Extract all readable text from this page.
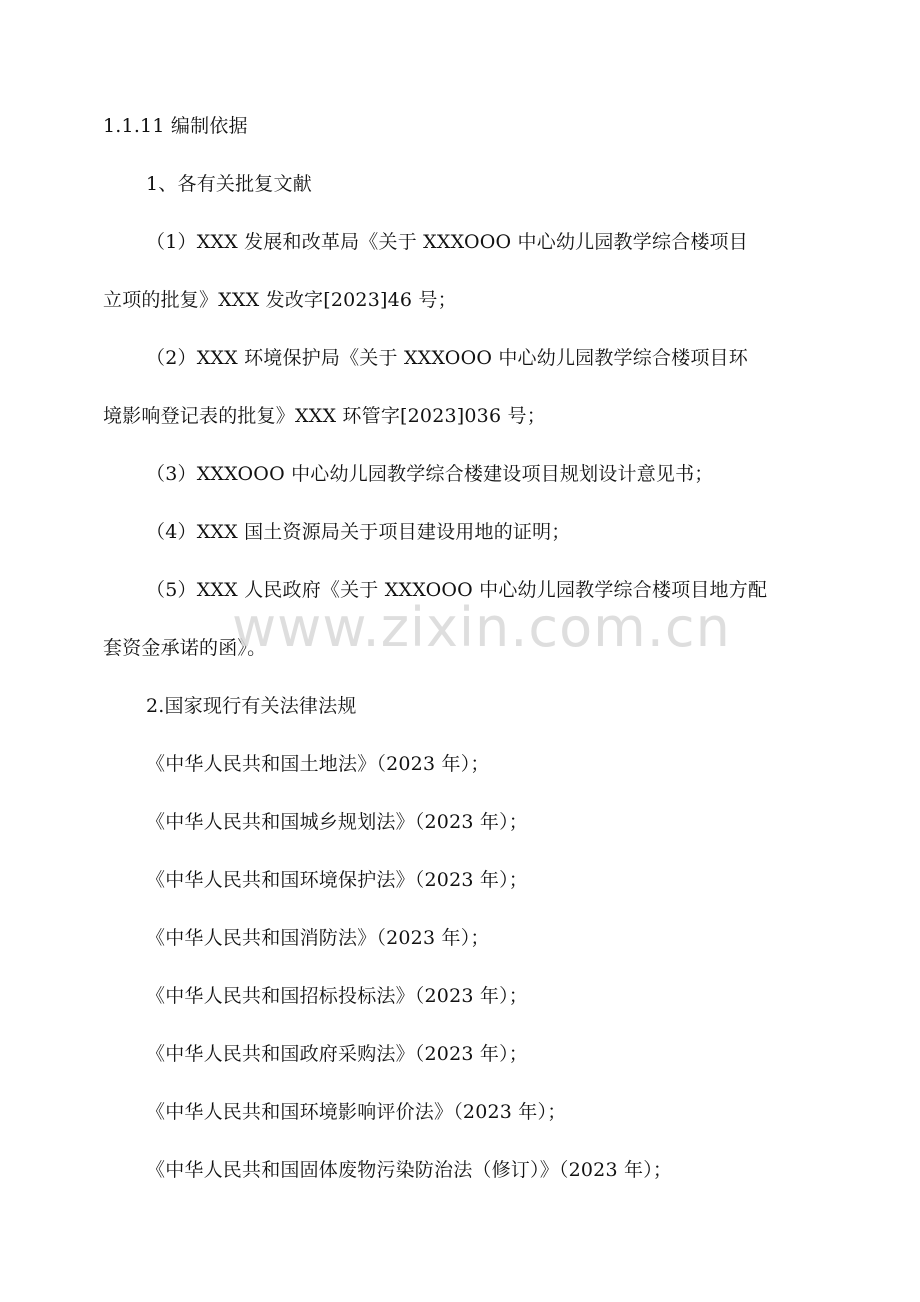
1.1.11 编制依据
1、各有关批复文献
（1）XXX 发展和改革局《关于 XXXOOO 中心幼儿园教学综合楼项目
立项的批复》XXX 发改字[2023]46 号；
（2）XXX 环境保护局《关于 XXXOOO 中心幼儿园教学综合楼项目环
境影响登记表的批复》XXX 环管字[2023]036 号；
（3）XXXOOO 中心幼儿园教学综合楼建设项目规划设计意见书；
（4）XXX 国土资源局关于项目建设用地的证明；
（5）XXX 人民政府《关于 XXXOOO 中心幼儿园教学综合楼项目地方配
套资金承诺的函》。
2.国家现行有关法律法规
《中华人民共和国土地法》（2023 年）；
《中华人民共和国城乡规划法》（2023 年）；
《中华人民共和国环境保护法》（2023 年）；
《中华人民共和国消防法》（2023 年）；
《中华人民共和国招标投标法》（2023 年）；
《中华人民共和国政府采购法》（2023 年）；
《中华人民共和国环境影响评价法》（2023 年）；
《中华人民共和国固体废物污染防治法（修订）》（2023 年）；
www.zixin.com.cn
